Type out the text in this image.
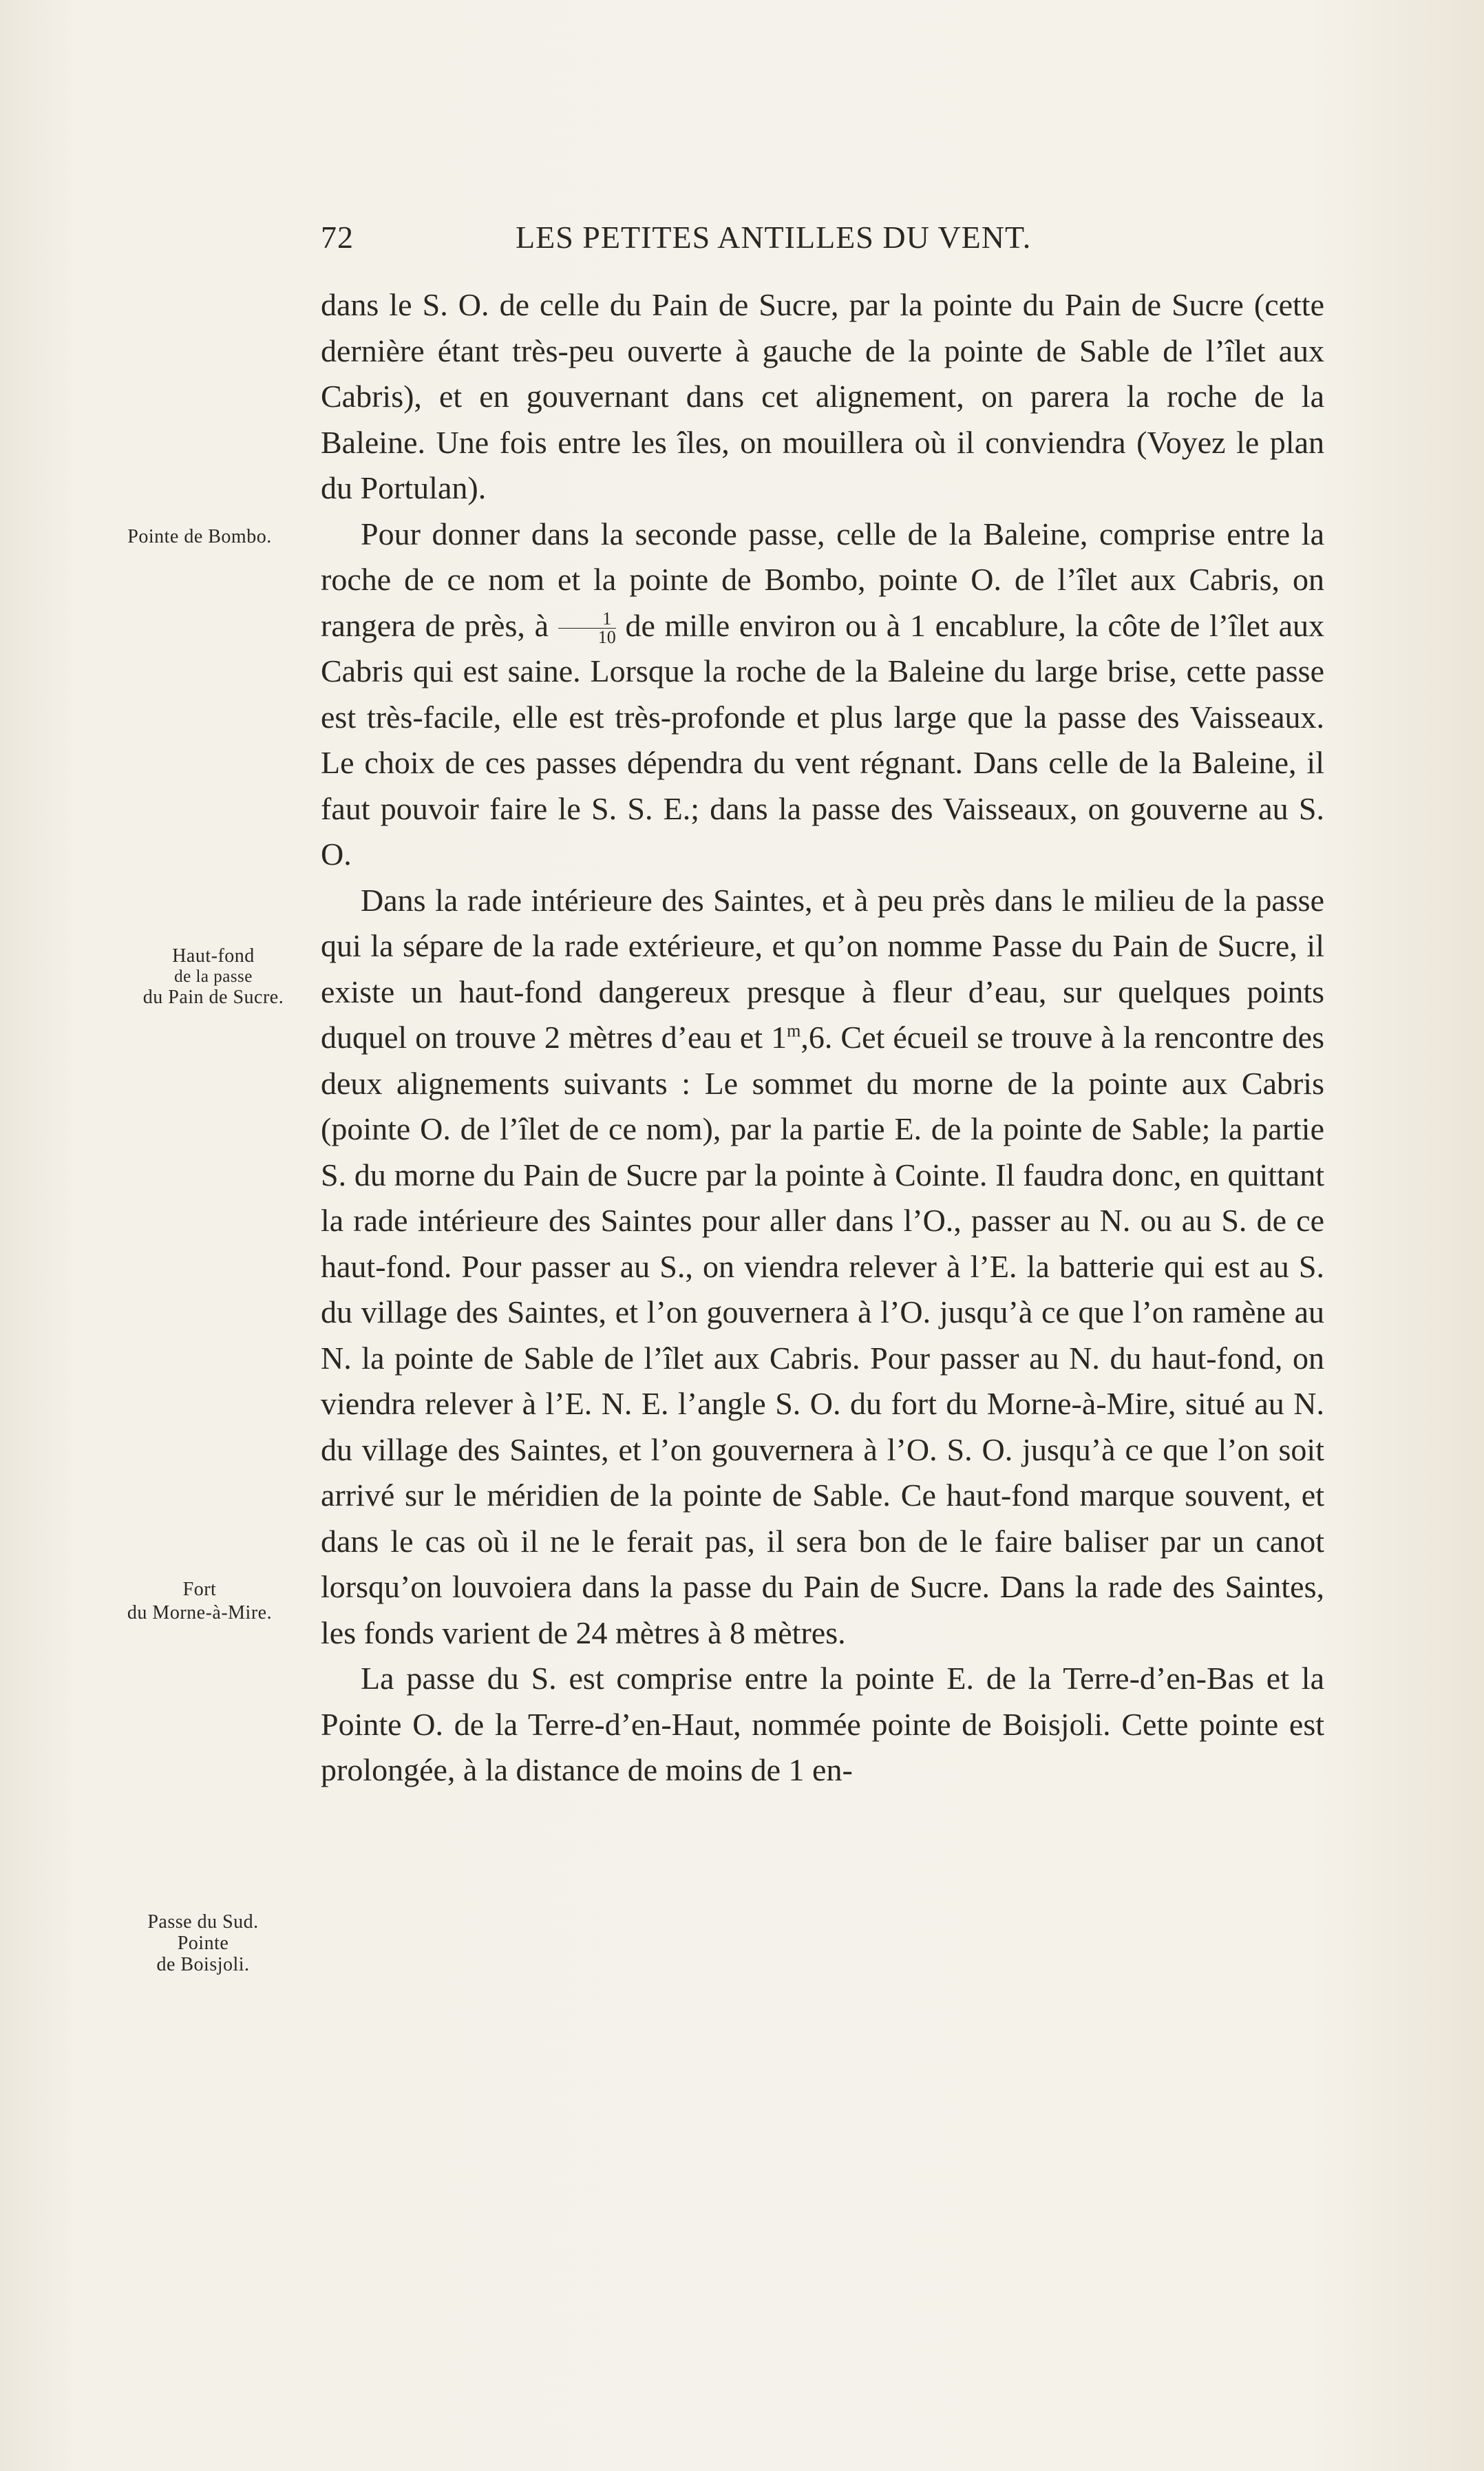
72	LES PETITES ANTILLES DU VENT.
Pointe de Bombo.
Haut-fond
de la passe
du Pain de Sucre.
Fort
du Morne-à-Mire.
Passe du Sud.
Pointe
de Boisjoli.

dans le S. O. de celle du Pain de Sucre, par la pointe du Pain de Sucre (cette dernière étant très-peu ouverte à gauche de la pointe de Sable de l’îlet aux Cabris), et en gouvernant dans cet alignement, on parera la roche de la Baleine. Une fois entre les îles, on mouillera où il conviendra (Voyez le plan du Portulan).

Pour donner dans la seconde passe, celle de la Baleine, comprise entre la roche de ce nom et la pointe de Bombo, pointe O. de l’îlet aux Cabris, on rangera de près, à $\frac{1}{10}$ de mille environ ou à 1 encablure, la côte de l’îlet aux Cabris qui est saine. Lorsque la roche de la Baleine du large brise, cette passe est très-facile, elle est très-profonde et plus large que la passe des Vaisseaux. Le choix de ces passes dépendra du vent régnant. Dans celle de la Baleine, il faut pouvoir faire le S. S. E.; dans la passe des Vaisseaux, on gouverne au S. O.

Dans la rade intérieure des Saintes, et à peu près dans le milieu de la passe qui la sépare de la rade extérieure, et qu’on nomme Passe du Pain de Sucre, il existe un haut-fond dangereux presque à fleur d’eau, sur quelques points duquel on trouve 2 mètres d’eau et 1$^m$,6. Cet écueil se trouve à la rencontre des deux alignements suivants : Le sommet du morne de la pointe aux Cabris (pointe O. de l’îlet de ce nom), par la partie E. de la pointe de Sable; la partie S. du morne du Pain de Sucre par la pointe à Cointe. Il faudra donc, en quittant la rade intérieure des Saintes pour aller dans l’O., passer au N. ou au S. de ce haut-fond. Pour passer au S., on viendra relever à l’E. la batterie qui est au S. du village des Saintes, et l’on gouvernera à l’O. jusqu’à ce que l’on ramène au N. la pointe de Sable de l’îlet aux Cabris. Pour passer au N. du haut-fond, on viendra relever à l’E. N. E. l’angle S. O. du fort du Morne-à-Mire, situé au N. du village des Saintes, et l’on gouvernera à l’O. S. O. jusqu’à ce que l’on soit arrivé sur le méridien de la pointe de Sable. Ce haut-fond marque souvent, et dans le cas où il ne le ferait pas, il sera bon de le faire baliser par un canot lorsqu’on louvoiera dans la passe du Pain de Sucre. Dans la rade des Saintes, les fonds varient de 24 mètres à 8 mètres.

La passe du S. est comprise entre la pointe E. de la Terre-d’en-Bas et la Pointe O. de la Terre-d’en-Haut, nommée pointe de Boisjoli. Cette pointe est prolongée, à la distance de moins de 1 en-
